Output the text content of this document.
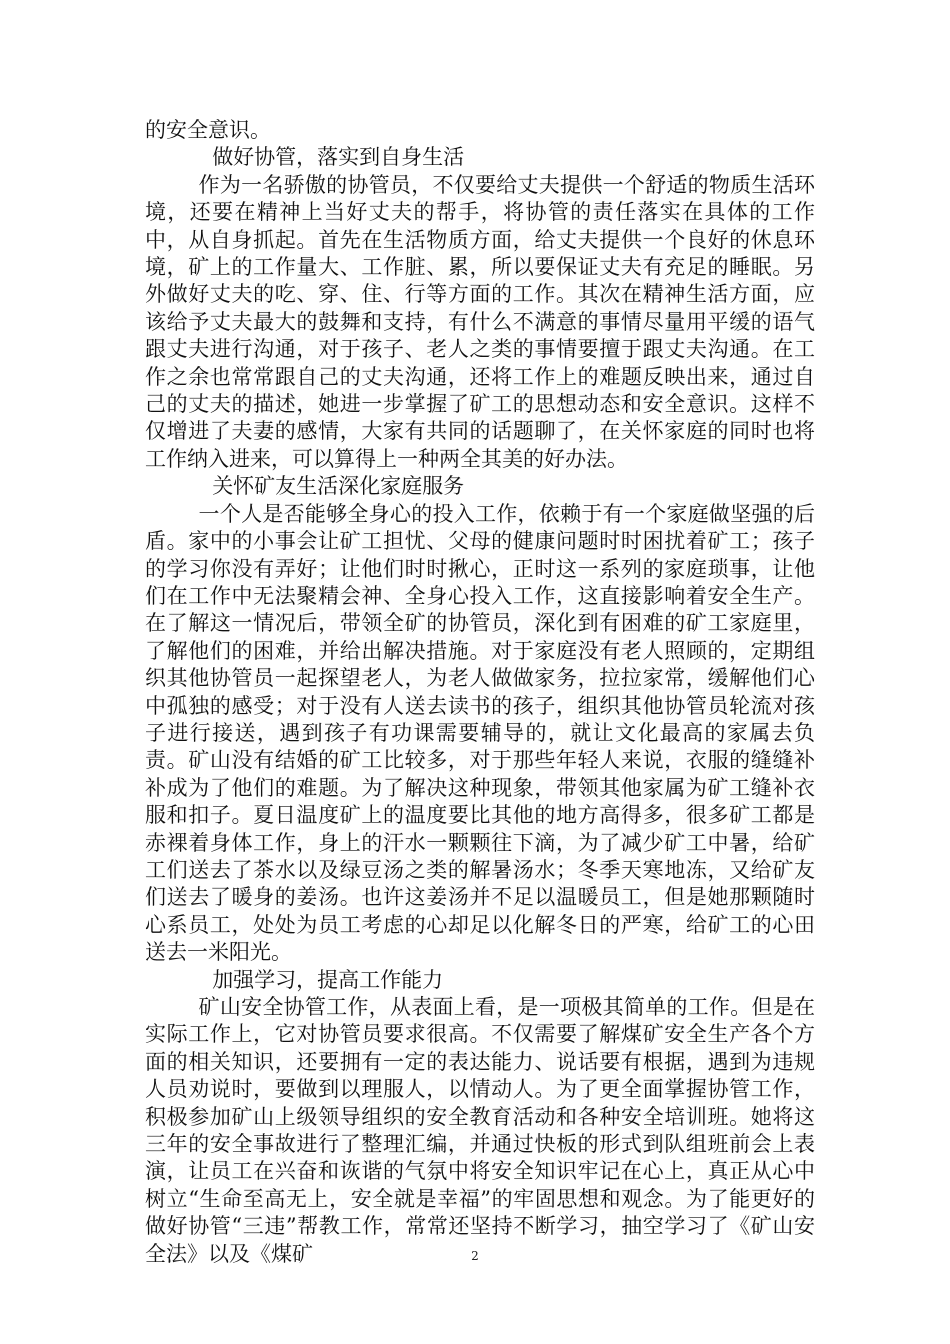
的安全意识。

做好协管，落实到自身生活

作为一名骄傲的协管员，不仅要给丈夫提供一个舒适的物质生活环境，还要在精神上当好丈夫的帮手，将协管的责任落实在具体的工作中，从自身抓起。首先在生活物质方面，给丈夫提供一个良好的休息环境，矿上的工作量大、工作脏、累，所以要保证丈夫有充足的睡眠。另外做好丈夫的吃、穿、住、行等方面的工作。其次在精神生活方面，应该给予丈夫最大的鼓舞和支持，有什么不满意的事情尽量用平缓的语气跟丈夫进行沟通，对于孩子、老人之类的事情要擅于跟丈夫沟通。在工作之余也常常跟自己的丈夫沟通，还将工作上的难题反映出来，通过自己的丈夫的描述，她进一步掌握了矿工的思想动态和安全意识。这样不仅增进了夫妻的感情，大家有共同的话题聊了，在关怀家庭的同时也将工作纳入进来，可以算得上一种两全其美的好办法。

关怀矿友生活深化家庭服务

一个人是否能够全身心的投入工作，依赖于有一个家庭做坚强的后盾。家中的小事会让矿工担忧、父母的健康问题时时困扰着矿工；孩子的学习你没有弄好；让他们时时揪心，正时这一系列的家庭琐事，让他们在工作中无法聚精会神、全身心投入工作，这直接影响着安全生产。在了解这一情况后，带领全矿的协管员，深化到有困难的矿工家庭里，了解他们的困难，并给出解决措施。对于家庭没有老人照顾的，定期组织其他协管员一起探望老人，为老人做做家务，拉拉家常，缓解他们心中孤独的感受；对于没有人送去读书的孩子，组织其他协管员轮流对孩子进行接送，遇到孩子有功课需要辅导的，就让文化最高的家属去负责。矿山没有结婚的矿工比较多，对于那些年轻人来说，衣服的缝缝补补成为了他们的难题。为了解决这种现象，带领其他家属为矿工缝补衣服和扣子。夏日温度矿上的温度要比其他的地方高得多，很多矿工都是赤裸着身体工作，身上的汗水一颗颗往下滴，为了减少矿工中暑，给矿工们送去了茶水以及绿豆汤之类的解暑汤水；冬季天寒地冻，又给矿友们送去了暖身的姜汤。也许这姜汤并不足以温暖员工，但是她那颗随时心系员工，处处为员工考虑的心却足以化解冬日的严寒，给矿工的心田送去一米阳光。

加强学习，提高工作能力

矿山安全协管工作，从表面上看，是一项极其简单的工作。但是在实际工作上，它对协管员要求很高。不仅需要了解煤矿安全生产各个方面的相关知识，还要拥有一定的表达能力、说话要有根据，遇到为违规人员劝说时，要做到以理服人，以情动人。为了更全面掌握协管工作，积极参加矿山上级领导组织的安全教育活动和各种安全培训班。她将这三年的安全事故进行了整理汇编，并通过快板的形式到队组班前会上表演，让员工在兴奋和诙谐的气氛中将安全知识牢记在心上，真正从心中树立“生命至高无上，安全就是幸福”的牢固思想和观念。为了能更好的做好协管“三违”帮教工作，常常还坚持不断学习，抽空学习了《矿山安全法》以及《煤矿	2
